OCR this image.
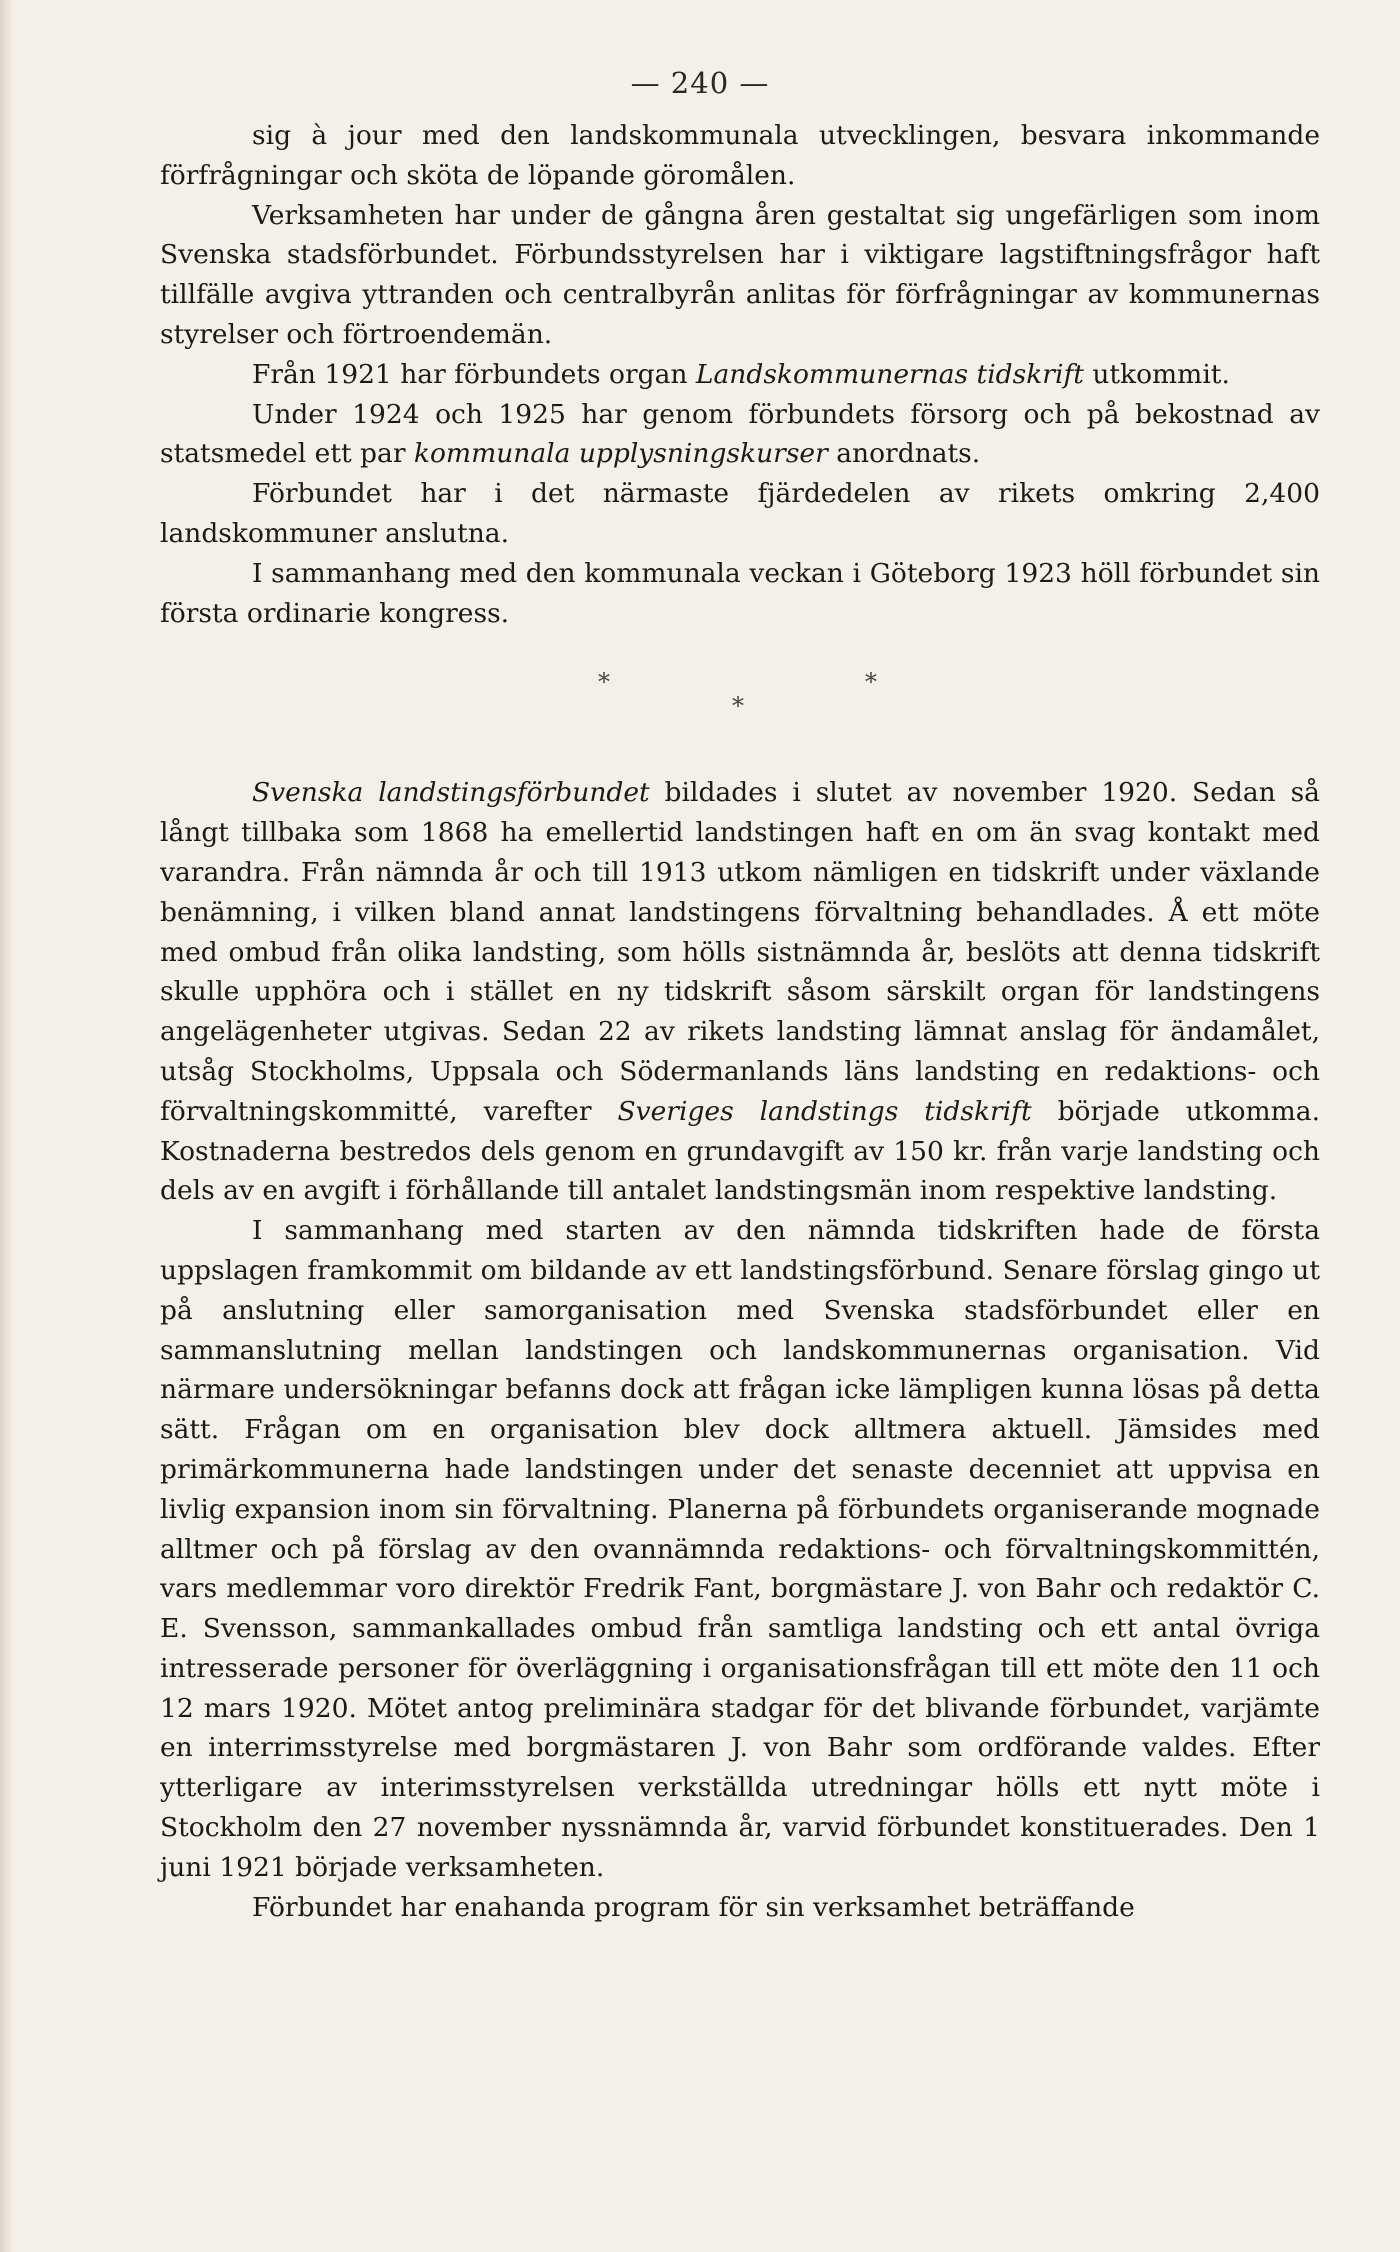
— 240 —

sig à jour med den landskommunala utvecklingen, besvara inkommande förfrågningar och sköta de löpande göromålen.

Verksamheten har under de gångna åren gestaltat sig ungefärligen som inom Svenska stadsförbundet. Förbundsstyrelsen har i viktigare lagstiftningsfrågor haft tillfälle avgiva yttranden och centralbyrån anlitas för förfrågningar av kommunernas styrelser och förtroendemän.

Från 1921 har förbundets organ Landskommunernas tidskrift utkommit.

Under 1924 och 1925 har genom förbundets försorg och på bekostnad av statsmedel ett par kommunala upplysningskurser anordnats.

Förbundet har i det närmaste fjärdedelen av rikets omkring 2,400 landskommuner anslutna.

I sammanhang med den kommunala veckan i Göteborg 1923 höll förbundet sin första ordinarie kongress.

*	*
*

Svenska landstingsförbundet bildades i slutet av november 1920. Sedan så långt tillbaka som 1868 ha emellertid landstingen haft en om än svag kontakt med varandra. Från nämnda år och till 1913 utkom nämligen en tidskrift under växlande benämning, i vilken bland annat landstingens förvaltning behandlades. Å ett möte med ombud från olika landsting, som hölls sistnämnda år, beslöts att denna tidskrift skulle upphöra och i stället en ny tidskrift såsom särskilt organ för landstingens angelägenheter utgivas. Sedan 22 av rikets landsting lämnat anslag för ändamålet, utsåg Stockholms, Uppsala och Södermanlands läns landsting en redaktions- och förvaltningskommitté, varefter Sveriges landstings tidskrift började utkomma. Kostnaderna bestredos dels genom en grundavgift av 150 kr. från varje landsting och dels av en avgift i förhållande till antalet landstingsmän inom respektive landsting.

I sammanhang med starten av den nämnda tidskriften hade de första uppslagen framkommit om bildande av ett landstingsförbund. Senare förslag gingo ut på anslutning eller samorganisation med Svenska stadsförbundet eller en sammanslutning mellan landstingen och landskommunernas organisation. Vid närmare undersökningar befanns dock att frågan icke lämpligen kunna lösas på detta sätt. Frågan om en organisation blev dock alltmera aktuell. Jämsides med primärkommunerna hade landstingen under det senaste decenniet att uppvisa en livlig expansion inom sin förvaltning. Planerna på förbundets organiserande mognade alltmer och på förslag av den ovannämnda redaktions- och förvaltningskommittén, vars medlemmar voro direktör Fredrik Fant, borgmästare J. von Bahr och redaktör C. E. Svensson, sammankallades ombud från samtliga landsting och ett antal övriga intresserade personer för överläggning i organisationsfrågan till ett möte den 11 och 12 mars 1920. Mötet antog preliminära stadgar för det blivande förbundet, varjämte en interrimsstyrelse med borgmästaren J. von Bahr som ordförande valdes. Efter ytterligare av interimsstyrelsen verkställda utredningar hölls ett nytt möte i Stockholm den 27 november nyssnämnda år, varvid förbundet konstituerades. Den 1 juni 1921 började verksamheten.

Förbundet har enahanda program för sin verksamhet beträffande
